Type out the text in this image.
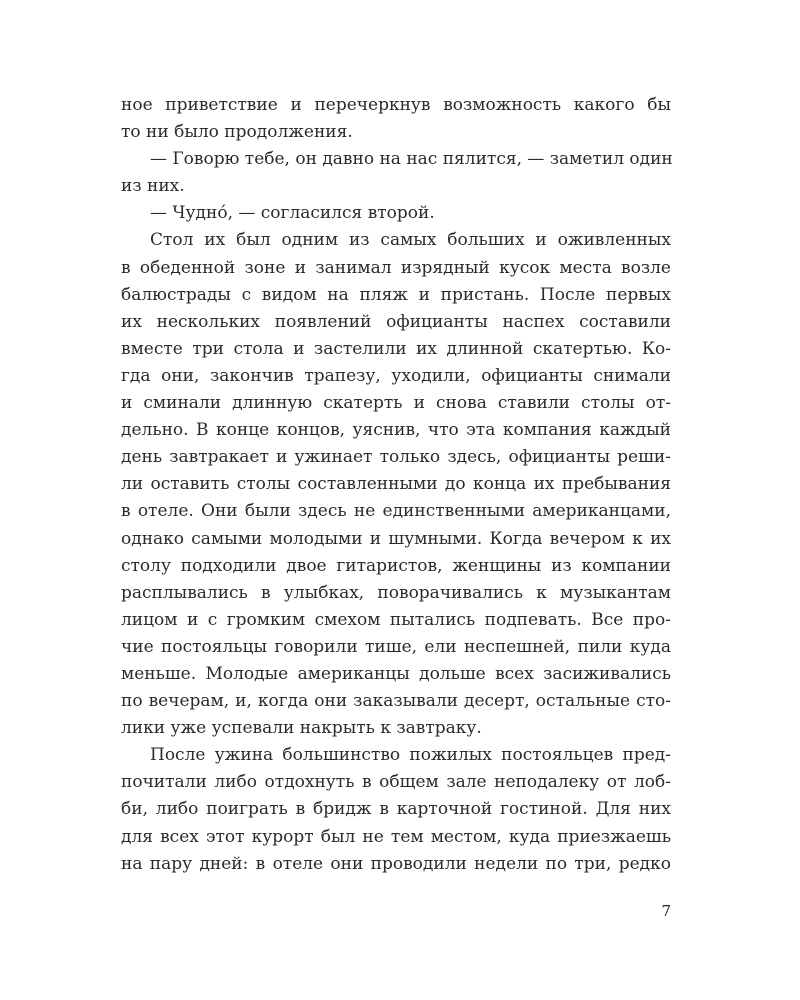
ное приветствие и перечеркнув возможность какого бы
то ни было продолжения.
— Говорю тебе, он давно на нас пялится, — заметил один
из них.
— Чудно́, — согласился второй.
Стол их был одним из самых больших и оживленных
в обеденной зоне и занимал изрядный кусок места возле
балюстрады с видом на пляж и пристань. После первых
их нескольких появлений официанты наспех составили
вместе три стола и застелили их длинной скатертью. Ко-
гда они, закончив трапезу, уходили, официанты снимали
и сминали длинную скатерть и снова ставили столы от-
дельно. В конце концов, уяснив, что эта компания каждый
день завтракает и ужинает только здесь, официанты реши-
ли оставить столы составленными до конца их пребывания
в отеле. Они были здесь не единственными американцами,
однако самыми молодыми и шумными. Когда вечером к их
столу подходили двое гитаристов, женщины из компании
расплывались в улыбках, поворачивались к музыкантам
лицом и с громким смехом пытались подпевать. Все про-
чие постояльцы говорили тише, ели неспешней, пили куда
меньше. Молодые американцы дольше всех засиживались
по вечерам, и, когда они заказывали десерт, остальные сто-
лики уже успевали накрыть к завтраку.
После ужина большинство пожилых постояльцев пред-
почитали либо отдохнуть в общем зале неподалеку от лоб-
би, либо поиграть в бридж в карточной гостиной. Для них
для всех этот курорт был не тем местом, куда приезжаешь
на пару дней: в отеле они проводили недели по три, редко
7
